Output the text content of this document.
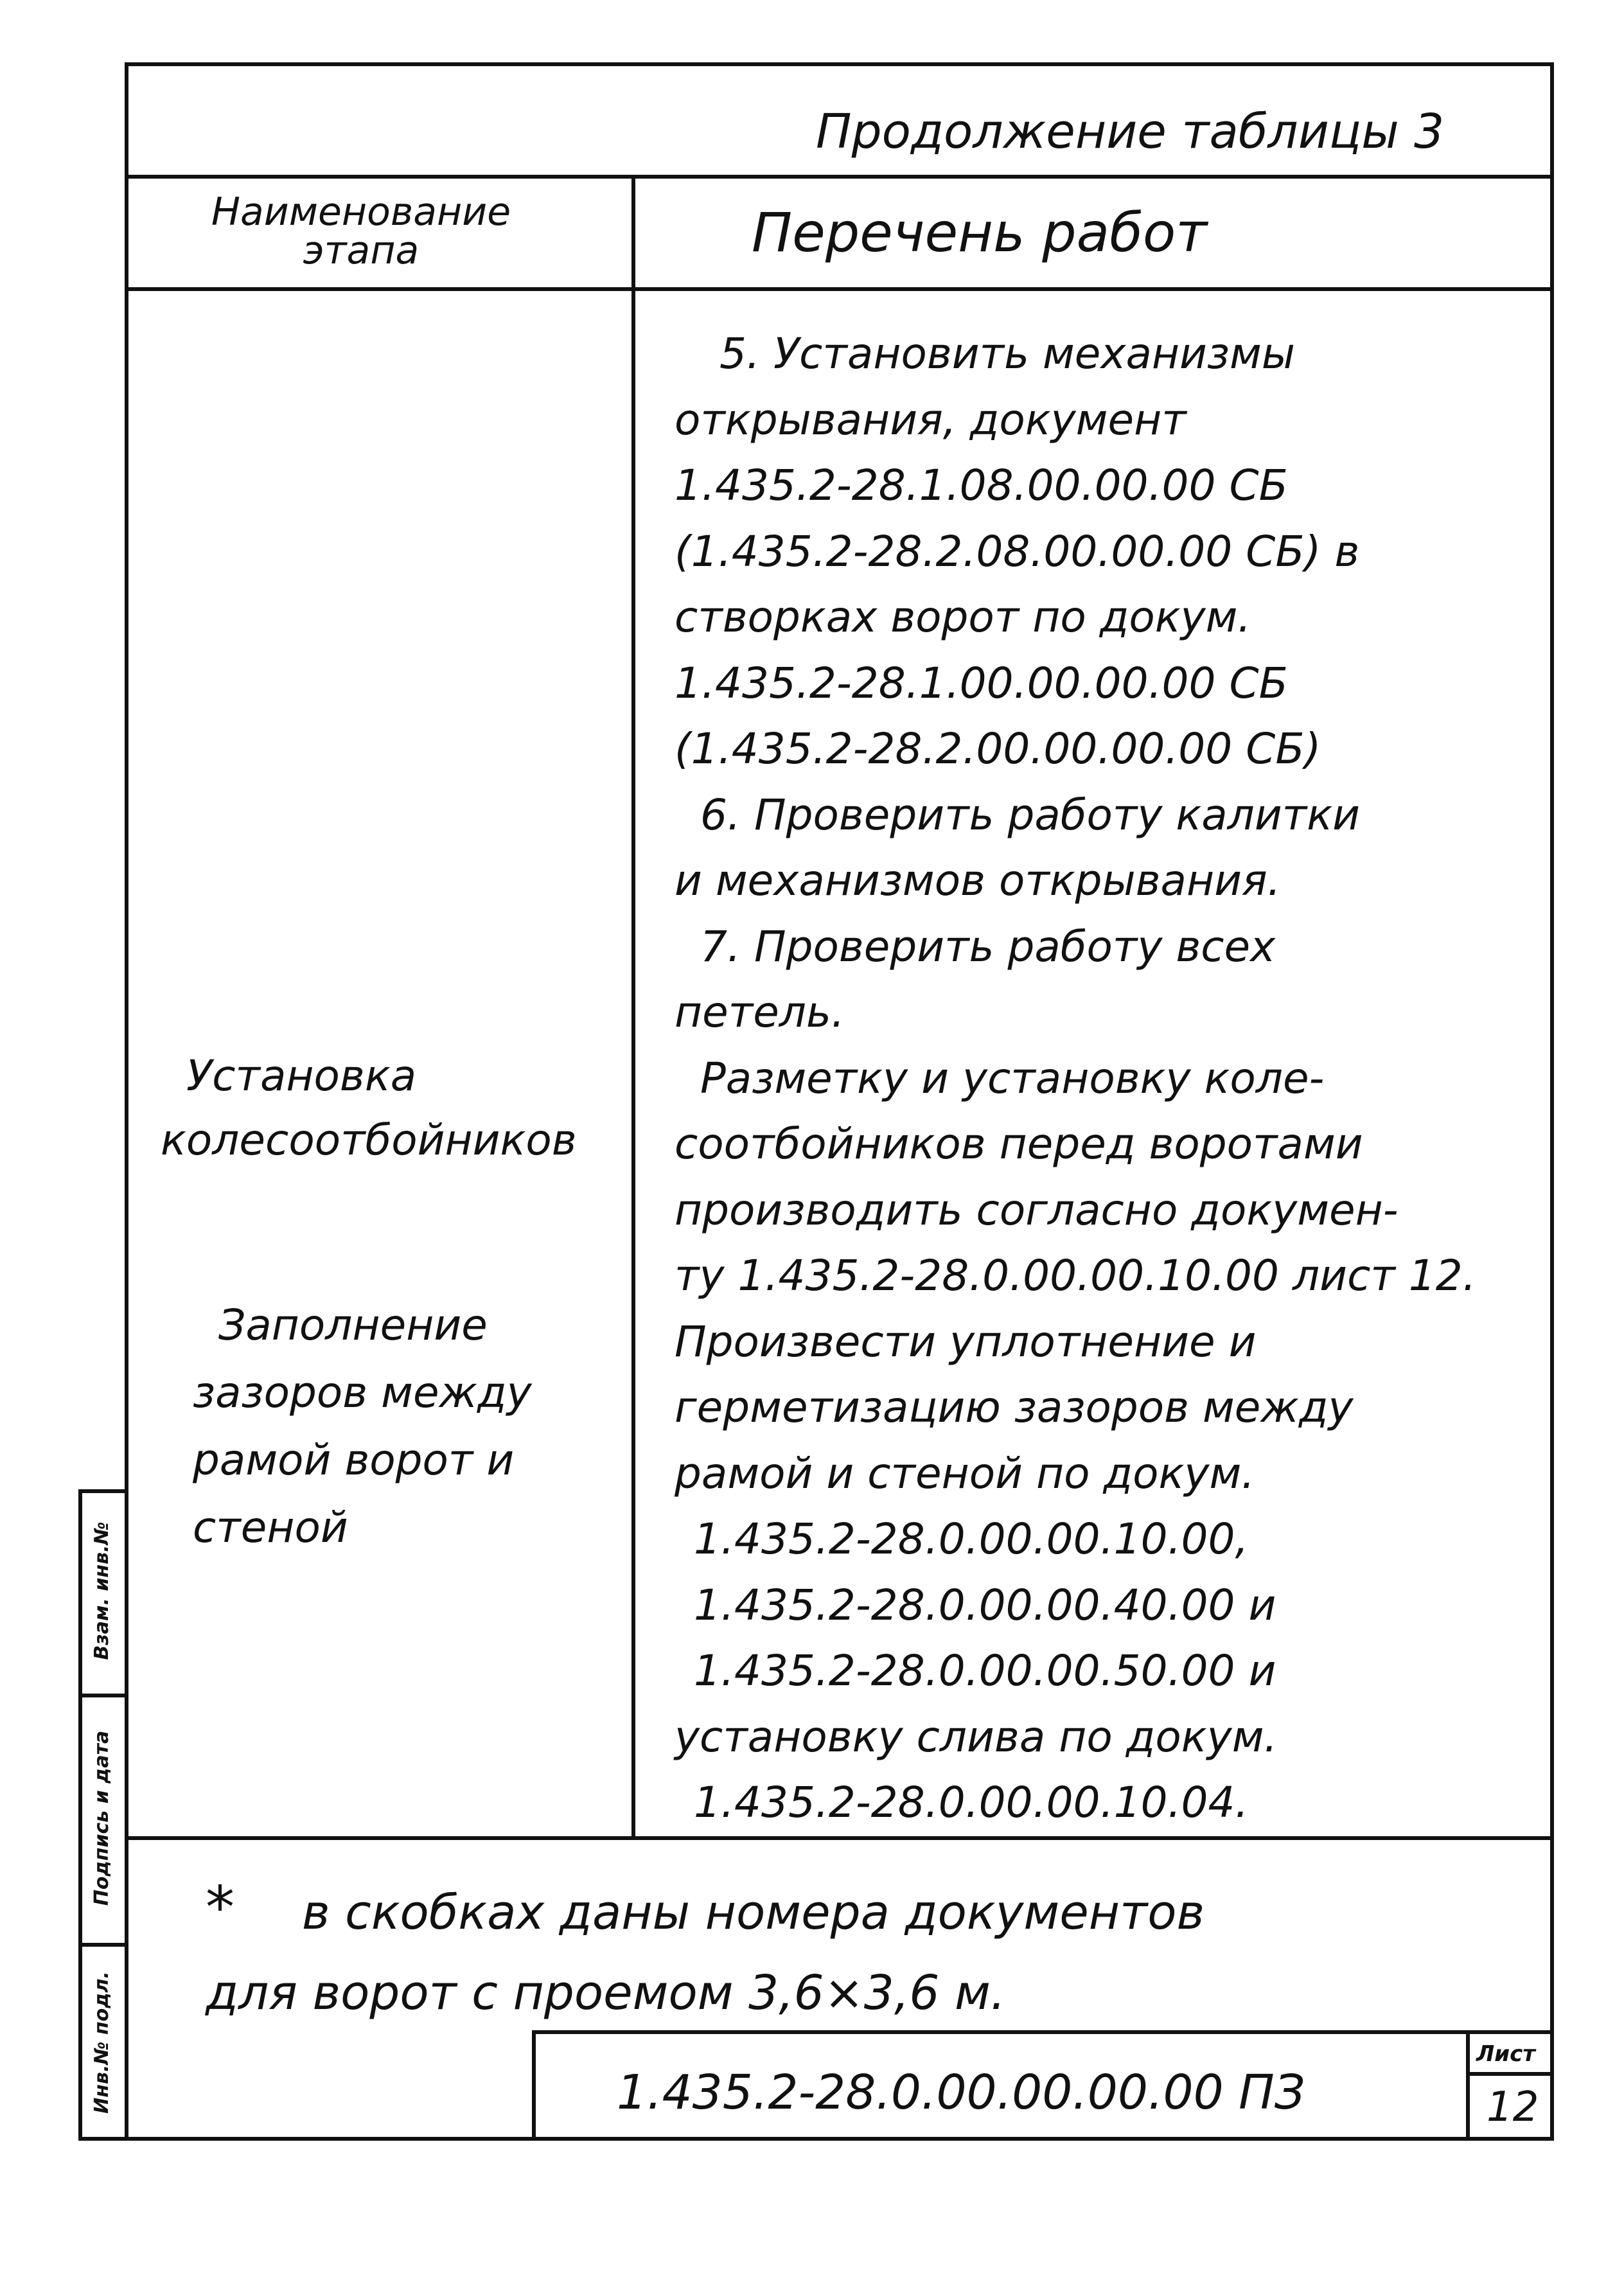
Взам. инв.№
Подпись и дата
Инв.№ подл.
Продолжение таблицы 3
Наименование
этапа	Перечень работ
5. Установить механизмы
открывания, документ
1.435.2-28.1.08.00.00.00 СБ
(1.435.2-28.2.08.00.00.00 СБ) в
створках ворот по докум.
1.435.2-28.1.00.00.00.00 СБ
(1.435.2-28.2.00.00.00.00 СБ)
6. Проверить работу калитки
и механизмов открывания.
7. Проверить работу всех
петель.
Разметку и установку коле-
соотбойников перед воротами
производить согласно докумен-
ту 1.435.2-28.0.00.00.10.00 лист 12.
Произвести уплотнение и
герметизацию зазоров между
рамой и стеной по докум.
1.435.2-28.0.00.00.10.00,
1.435.2-28.0.00.00.40.00 и
1.435.2-28.0.00.00.50.00 и
установку слива по докум.
1.435.2-28.0.00.00.10.04.
Установка
колесоотбойников
Заполнение
зазоров между
рамой ворот и
стеной
* в скобках даны номера документов
для ворот с проемом 3,6×3,6 м.
1.435.2-28.0.00.00.00.00 ПЗ
Лист
12
